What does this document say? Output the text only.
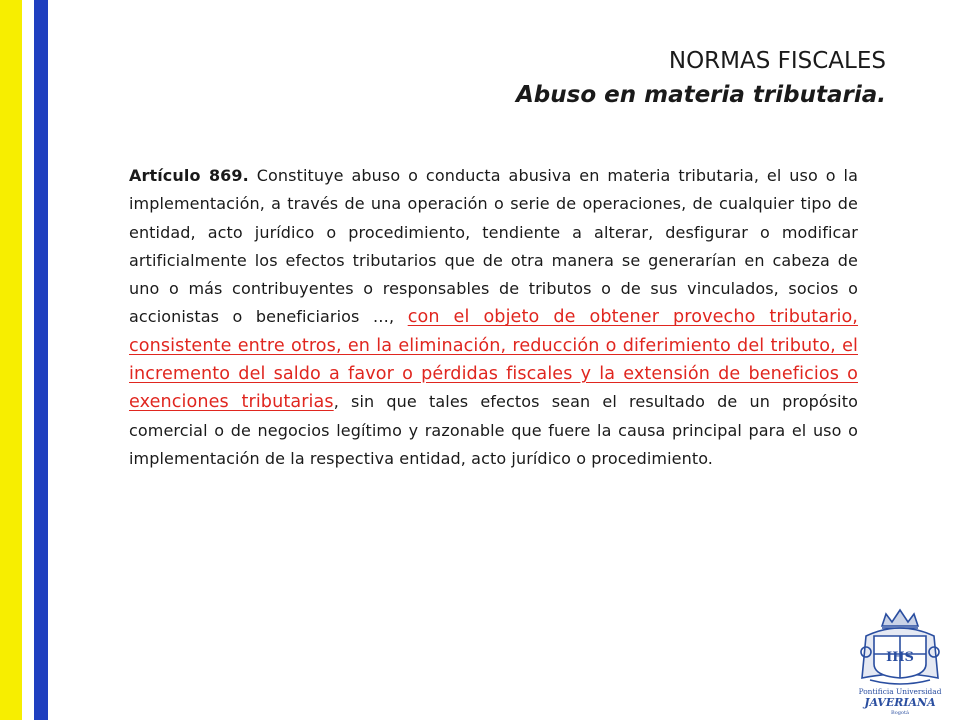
NORMAS FISCALES
Abuso en materia tributaria.

Artículo 869. Constituye abuso o conducta abusiva en materia tributaria, el uso o la implementación, a través de una operación o serie de operaciones, de cualquier tipo de entidad, acto jurídico o procedimiento, tendiente a alterar, desfigurar o modificar artificialmente los efectos tributarios que de otra manera se generarían en cabeza de uno o más contribuyentes o responsables de tributos o de sus vinculados, socios o accionistas o beneficiarios …, con el objeto de obtener provecho tributario, consistente entre otros, en la eliminación, reducción o diferimiento del tributo, el incremento del saldo a favor o pérdidas fiscales y la extensión de beneficios o exenciones tributarias, sin que tales efectos sean el resultado de un propósito comercial o de negocios legítimo y razonable que fuere la causa principal para el uso o implementación de la respectiva entidad, acto jurídico o procedimiento.

IHS
Pontificia Universidad
JAVERIANA
Bogotá
